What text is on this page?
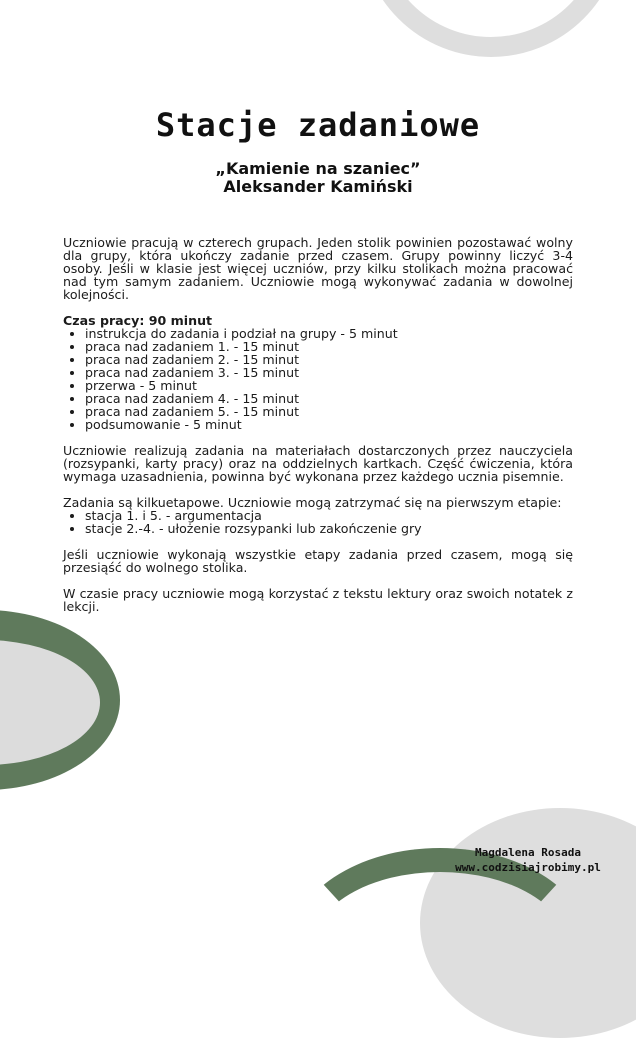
Stacje zadaniowe
„Kamienie na szaniec”
Aleksander Kamiński

Uczniowie pracują w czterech grupach. Jeden stolik powinien pozostawać wolny dla grupy, która ukończy zadanie przed czasem. Grupy powinny liczyć 3-4 osoby. Jeśli w klasie jest więcej uczniów, przy kilku stolikach można pracować nad tym samym zadaniem. Uczniowie mogą wykonywać zadania w dowolnej kolejności.

Czas pracy: 90 minut

• instrukcja do zadania i podział na grupy - 5 minut
• praca nad zadaniem 1. - 15 minut
• praca nad zadaniem 2. - 15 minut
• praca nad zadaniem 3. - 15 minut
• przerwa - 5 minut
• praca nad zadaniem 4. - 15 minut
• praca nad zadaniem 5. - 15 minut
• podsumowanie - 5 minut

Uczniowie realizują zadania na materiałach dostarczonych przez nauczyciela (rozsypanki, karty pracy) oraz na oddzielnych kartkach. Część ćwiczenia, która wymaga uzasadnienia, powinna być wykonana przez każdego ucznia pisemnie.

Zadania są kilkuetapowe. Uczniowie mogą zatrzymać się na pierwszym etapie:

• stacja 1. i 5. - argumentacja
• stacje 2.-4. - ułożenie rozsypanki lub zakończenie gry

Jeśli uczniowie wykonają wszystkie etapy zadania przed czasem, mogą się przesiąść do wolnego stolika.

W czasie pracy uczniowie mogą korzystać z tekstu lektury oraz swoich notatek z lekcji.

Magdalena Rosada
www.codzisiajrobimy.pl
